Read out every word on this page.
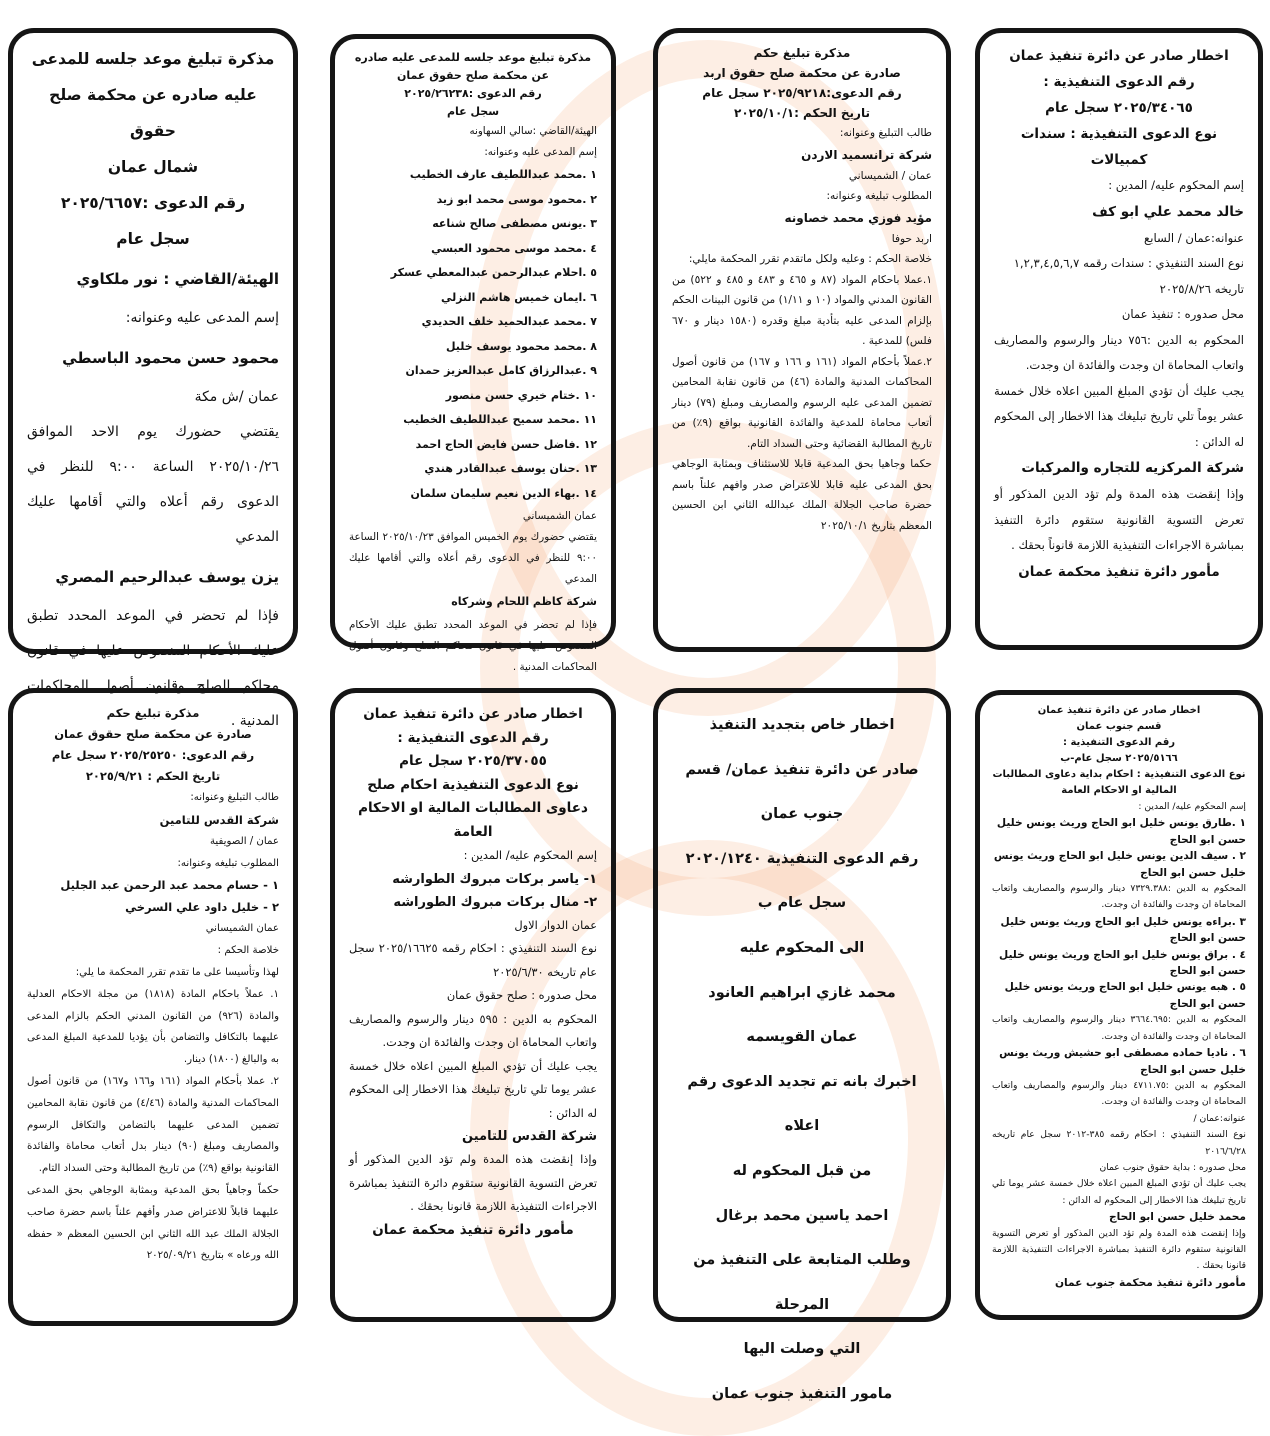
مذكرة تبليغ موعد جلسه للمدعى

عليه صادره عن محكمة صلح حقوق

شمال عمان

رقم الدعوى :٢٠٢٥/٦٦٥٧

سجل عام

الهيئة/القاضي : نور ملكاوي

إسم المدعى عليه وعنوانه:

محمود حسن محمود الباسطي

عمان /ش مكة

يقتضي حضورك يوم الاحد الموافق ٢٠٢٥/١٠/٢٦ الساعة ٩:٠٠ للنظر في الدعوى رقم أعلاه والتي أقامها عليك المدعي

يزن يوسف عبدالرحيم المصري

فإذا لم تحضر في الموعد المحدد تطبق عليك الأحكام المنصوص عليها في قانون محاكم الصلح وقانون أصول المحاكمات المدنية .

مذكرة تبليغ موعد جلسه للمدعى عليه صادره عن محكمة صلح حقوق عمان

رقم الدعوى :٢٠٢٥/٢٦٢٣٨

سجل عام

الهيئة/القاضي :سالي السهاونه

إسم المدعى عليه وعنوانه:

١ .محمد عبداللطيف عارف الخطيب

٢ .محمود موسى محمد ابو زيد

٣ .يونس مصطفى صالح شناعه

٤ .محمد موسى محمود العبسي

٥ .احلام عبدالرحمن عبدالمعطي عسكر

٦ .ايمان خميس هاشم النزلي

٧ .محمد عبدالحميد خلف الحديدي

٨ .محمد محمود يوسف خليل

٩ .عبدالرزاق كامل عبدالعزيز حمدان

١٠ .ختام خيري حسن منصور

١١ .محمد سميح عبداللطيف الخطيب

١٢ .فاضل حسن فايض الحاج احمد

١٣ .حنان يوسف عبدالقادر هندي

١٤ .بهاء الدين نعيم سليمان سلمان

عمان الشميساني

يقتضي حضورك يوم الخميس الموافق ٢٠٢٥/١٠/٢٣ الساعة ٩:٠٠ للنظر في الدعوى رقم أعلاه والتي أقامها عليك المدعي

شركة كاظم اللحام وشركاه

فإذا لم تحضر في الموعد المحدد تطبق عليك الأحكام المنصوص عليها في قانون محاكم الصلح وقانون أصول المحاكمات المدنية .

مذكرة تبليغ حكم

صادرة عن محكمة صلح حقوق اربد

رقم الدعوى:٢٠٢٥/٩٢١٨ سجل عام

تاريخ الحكم :٢٠٢٥/١٠/١

طالب التبليغ وعنوانه:

شركة ترانسميد الاردن

عمان / الشميساني

المطلوب تبليغه وعنوانه:

مؤيد فوزي محمد خصاونه

اربد حوفا

خلاصة الحكم : وعليه ولكل ماتقدم تقرر المحكمة مايلي:

١.عملا باحكام المواد (٨٧ و ٤٦٥ و ٤٨٣ و ٤٨٥ و ٥٢٢) من القانون المدني والمواد (١٠ و ١/١١) من قانون البينات الحكم بإلزام المدعى عليه بتأدية مبلغ وقدره (١٥٨٠ دينار و ٦٧٠ فلس) للمدعية .

٢.عملاً بأحكام المواد (١٦١ و ١٦٦ و ١٦٧) من قانون أصول المحاكمات المدنية والمادة (٤٦) من قانون نقابة المحامين تضمين المدعى عليه الرسوم والمصاريف ومبلغ (٧٩) دينار أتعاب محاماة للمدعية والفائدة القانونية بواقع (٩٪) من تاريخ المطالبة القضائية وحتى السداد التام.

حكما وجاهيا بحق المدعية قابلا للاستئناف وبمثابة الوجاهي بحق المدعى عليه قابلا للاعتراض صدر وافهم علناً باسم حضرة صاحب الجلالة الملك عبدالله الثاني ابن الحسين المعظم بتاريخ ٢٠٢٥/١٠/١

اخطار صادر عن دائرة تنفيذ عمان

رقم الدعوى التنفيذية :

٢٠٢٥/٣٤٠٦٥ سجل عام

نوع الدعوى التنفيذية : سندات كمبيالات

إسم المحكوم عليه/ المدين :

خالد محمد علي ابو كف

عنوانه:عمان / السابع

نوع السند التنفيذي : سندات رقمه ١,٢,٣,٤,٥,٦,٧

تاريخه ٢٠٢٥/٨/٢٦

محل صدوره : تنفيذ عمان

المحكوم به الدين :٧٥٦ دينار والرسوم والمصاريف واتعاب المحاماة ان وجدت والفائدة ان وجدت.

يجب عليك أن تؤدي المبلغ المبين اعلاه خلال خمسة عشر يوماً تلي تاريخ تبليغك هذا الاخطار إلى المحكوم له الدائن :

شركة المركزيه للتجاره والمركبات

وإذا إنقضت هذه المدة ولم تؤد الدين المذكور أو تعرض التسوية القانونية ستقوم دائرة التنفيذ بمباشرة الاجراءات التنفيذية اللازمة قانوناً بحقك .

مأمور دائرة تنفيذ محكمة عمان

مذكرة تبليغ حكم

صادرة عن محكمة صلح حقوق عمان

رقم الدعوى: ٢٠٢٥/٢٥٢٥٠ سجل عام

تاريخ الحكم : ٢٠٢٥/٩/٢١

طالب التبليغ وعنوانه:

شركة القدس للتامين

عمان / الصويفية

المطلوب تبليغه وعنوانه:

١ - حسام محمد عبد الرحمن عبد الجليل

٢ - خليل داود علي السرخي

عمان الشميساني

خلاصة الحكم :

لهذا وتأسيسا على ما تقدم تقرر المحكمة ما يلي:

١. عملاً باحكام المادة (١٨١٨) من مجلة الاحكام العدلية والمادة (٩٢٦) من القانون المدني الحكم بالزام المدعى عليهما بالتكافل والتضامن بأن يؤديا للمدعية المبلغ المدعى به والبالغ (١٨٠٠) دينار.

٢. عملا بأحكام المواد (١٦١ و١٦٦ و١٦٧) من قانون أصول المحاكمات المدنية والمادة (٤/٤٦) من قانون نقابة المحامين تضمين المدعى عليهما بالتضامن والتكافل الرسوم والمصاريف ومبلغ (٩٠) دينار بدل أتعاب محاماة والفائدة القانونية بواقع (٩٪) من تاريخ المطالبة وحتى السداد التام.

حكماً وجاهياً بحق المدعية وبمثابة الوجاهي بحق المدعى عليهما قابلاً للاعتراض صدر وأفهم علناً باسم حضرة صاحب الجلالة الملك عبد الله الثاني ابن الحسين المعظم « حفظه الله ورعاه » بتاريخ ٢٠٢٥/٠٩/٢١

اخطار صادر عن دائرة تنفيذ عمان

رقم الدعوى التنفيذية :

٢٠٢٥/٣٧٠٥٥ سجل عام

نوع الدعوى التنفيذية احكام صلح دعاوى المطالبات المالية او الاحكام العامة

إسم المحكوم عليه/ المدين :

١- ياسر بركات مبروك الطوارشه

٢- منال بركات مبروك الطوراشه

عمان الدوار الاول

نوع السند التنفيذي : احكام رقمه ٢٠٢٥/١٦٦٢٥ سجل عام تاريخه ٢٠٢٥/٦/٣٠

محل صدوره : صلح حقوق عمان

المحكوم به الدين : ٥٩٥ دينار والرسوم والمصاريف واتعاب المحاماة ان وجدت والفائدة ان وجدت.

يجب عليك أن تؤدي المبلغ المبين اعلاه خلال خمسة عشر يوما تلي تاريخ تبليغك هذا الاخطار إلى المحكوم له الدائن :

شركة القدس للتامين

وإذا إنقضت هذه المدة ولم تؤد الدين المذكور أو تعرض التسوية القانونية ستقوم دائرة التنفيذ بمباشرة الاجراءات التنفيذية اللازمة قانونا بحقك .

مأمور دائرة تنفيذ محكمة عمان

اخطار خاص بتجديد التنفيذ

صادر عن دائرة تنفيذ عمان/ قسم

جنوب عمان

رقم الدعوى التنفيذية ٢٠٢٠/١٢٤٠

سجل عام ب

الى المحكوم عليه

محمد غازي ابراهيم العانود

عمان القويسمه

اخبرك بانه تم تجديد الدعوى رقم اعلاه

من قبل المحكوم له

احمد ياسين محمد برغال

وطلب المتابعة على التنفيذ من المرحلة

التي وصلت اليها

مامور التنفيذ جنوب عمان

اخطار صادر عن دائرة تنفيذ عمان

قسم جنوب عمان

رقم الدعوى التنفيذية :

٢٠٢٥/٥١٦٦ سجل عام-ب

نوع الدعوى التنفيذية : احكام بداية دعاوى المطالبات المالية او الاحكام العامة

إسم المحكوم عليه/ المدين :

١ .طارق يونس خليل ابو الحاج وريث يونس خليل حسن ابو الحاج

٢ . سيف الدين يونس خليل ابو الحاج وريث يونس خليل حسن ابو الحاج

المحكوم به الدين :٧٣٢٩.٣٨٨ دينار والرسوم والمصاريف واتعاب المحاماة ان وجدت والفائدة ان وجدت.

٣ .براءه يونس خليل ابو الحاج وريث يونس خليل حسن ابو الحاج

٤ . براق يونس خليل ابو الحاج وريث يونس خليل حسن ابو الحاج

٥ . هبه يونس خليل ابو الحاج وريث يونس خليل حسن ابو الحاج

المحكوم به الدين :٣٦٦٤.٦٩٥ دينار والرسوم والمصاريف واتعاب المحاماة ان وجدت والفائدة ان وجدت.

٦ . ناديا حماده مصطفى ابو حشيش وريث يونس خليل حسن ابو الحاج

المحكوم به الدين :٤٧١١.٧٥ دينار والرسوم والمصاريف واتعاب المحاماة ان وجدت والفائدة ان وجدت.

عنوانه:عمان /

نوع السند التنفيذي : احكام رقمه ٣٨٥-٢٠١٢ سجل عام تاريخه ٢٠١٦/٦/٢٨

محل صدوره : بداية حقوق جنوب عمان

يجب عليك أن تؤدي المبلغ المبين اعلاه خلال خمسة عشر يوما تلي تاريخ تبليغك هذا الاخطار إلى المحكوم له الدائن :

محمد خليل حسن ابو الحاج

وإذا إنقضت هذه المدة ولم تؤد الدين المذكور أو تعرض التسوية القانونية ستقوم دائرة التنفيذ بمباشرة الاجراءات التنفيذية اللازمة قانونا بحقك .

مأمور دائرة تنفيذ محكمة جنوب عمان
